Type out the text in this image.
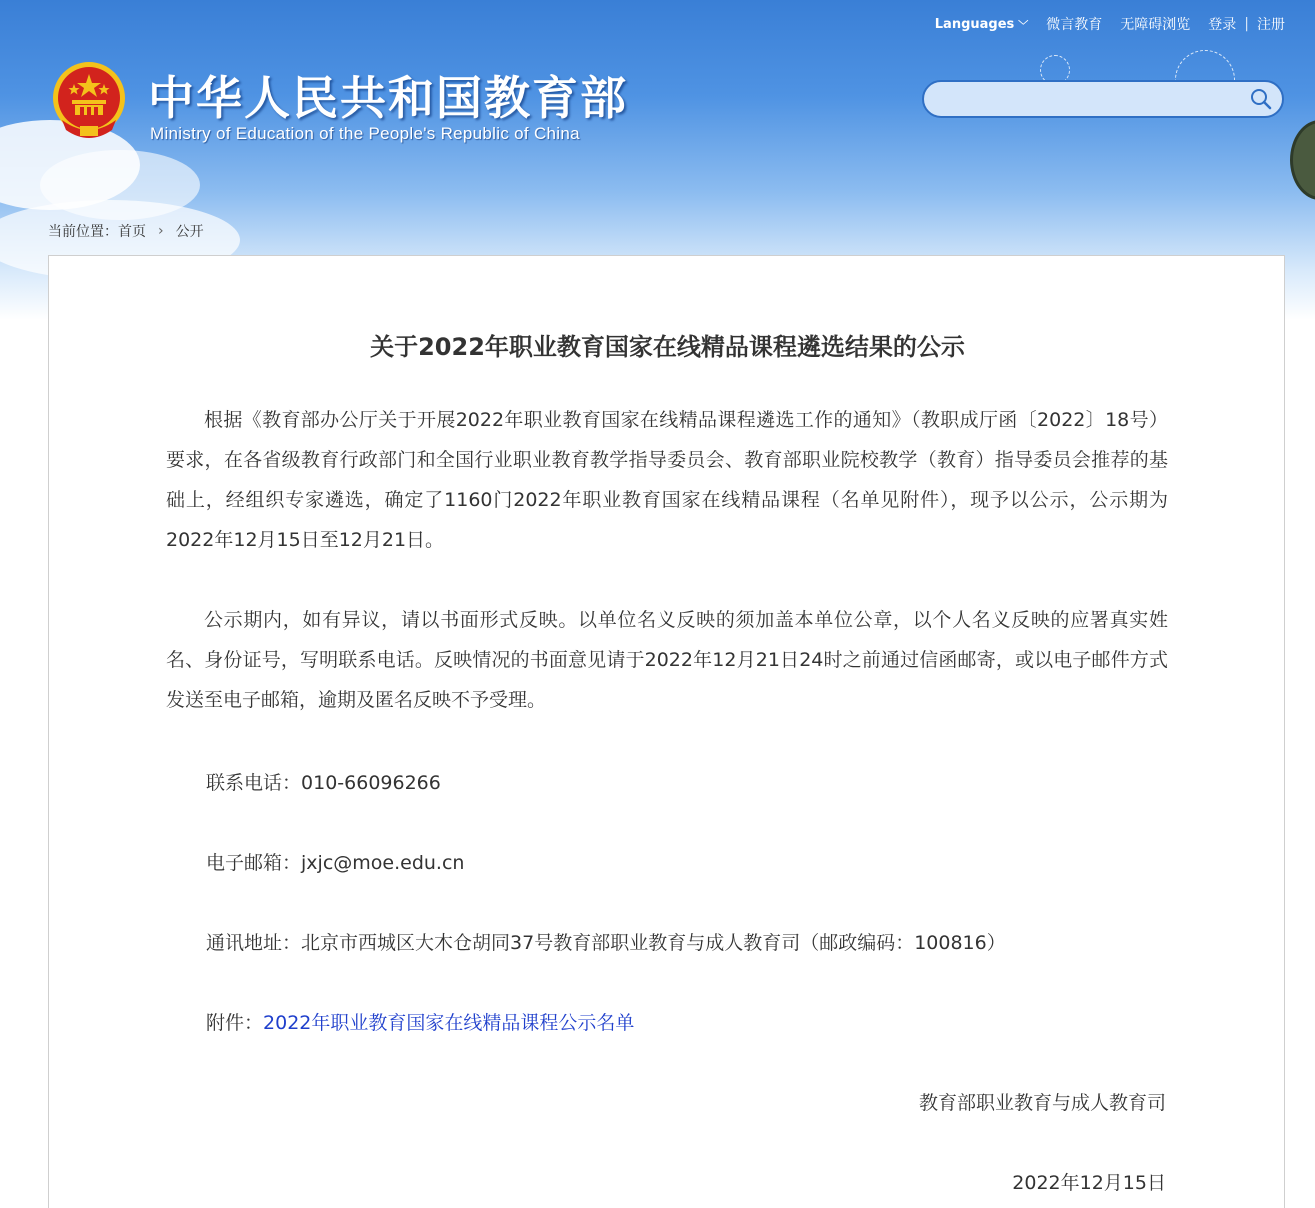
Languages ﹀ 微言教育 无障碍浏览 登录 | 注册
中华人民共和国教育部
Ministry of Education of the People's Republic of China
当前位置：首页 › 公开
关于2022年职业教育国家在线精品课程遴选结果的公示

根据《教育部办公厅关于开展2022年职业教育国家在线精品课程遴选工作的通知》（教职成厅函〔2022〕18号）要求，在各省级教育行政部门和全国行业职业教育教学指导委员会、教育部职业院校教学（教育）指导委员会推荐的基础上，经组织专家遴选，确定了1160门2022年职业教育国家在线精品课程（名单见附件），现予以公示，公示期为2022年12月15日至12月21日。

公示期内，如有异议，请以书面形式反映。以单位名义反映的须加盖本单位公章，以个人名义反映的应署真实姓名、身份证号，写明联系电话。反映情况的书面意见请于2022年12月21日24时之前通过信函邮寄，或以电子邮件方式发送至电子邮箱，逾期及匿名反映不予受理。

联系电话：010-66096266
电子邮箱：jxjc@moe.edu.cn
通讯地址：北京市西城区大木仓胡同37号教育部职业教育与成人教育司（邮政编码：100816）
附件：2022年职业教育国家在线精品课程公示名单
教育部职业教育与成人教育司
2022年12月15日
